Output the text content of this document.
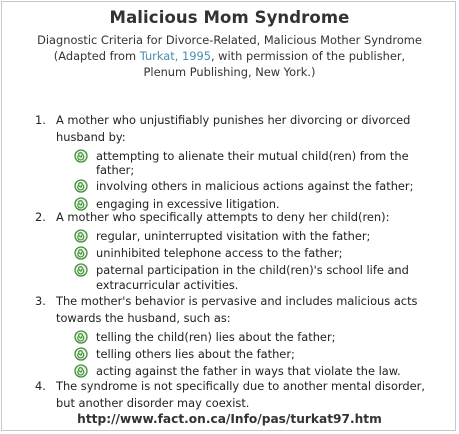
Malicious Mom Syndrome
Diagnostic Criteria for Divorce-Related, Malicious Mother Syndrome
(Adapted from Turkat, 1995, with permission of the publisher,
Plenum Publishing, New York.)
1. A mother who unjustifiably punishes her divorcing or divorced
husband by:
attempting to alienate their mutual child(ren) from the
father;
involving others in malicious actions against the father;
engaging in excessive litigation.
2. A mother who specifically attempts to deny her child(ren):
regular, uninterrupted visitation with the father;
uninhibited telephone access to the father;
paternal participation in the child(ren)'s school life and
extracurricular activities.
3. The mother's behavior is pervasive and includes malicious acts
towards the husband, such as:
telling the child(ren) lies about the father;
telling others lies about the father;
acting against the father in ways that violate the law.
4. The syndrome is not specifically due to another mental disorder,
but another disorder may coexist.
http://www.fact.on.ca/Info/pas/turkat97.htm
